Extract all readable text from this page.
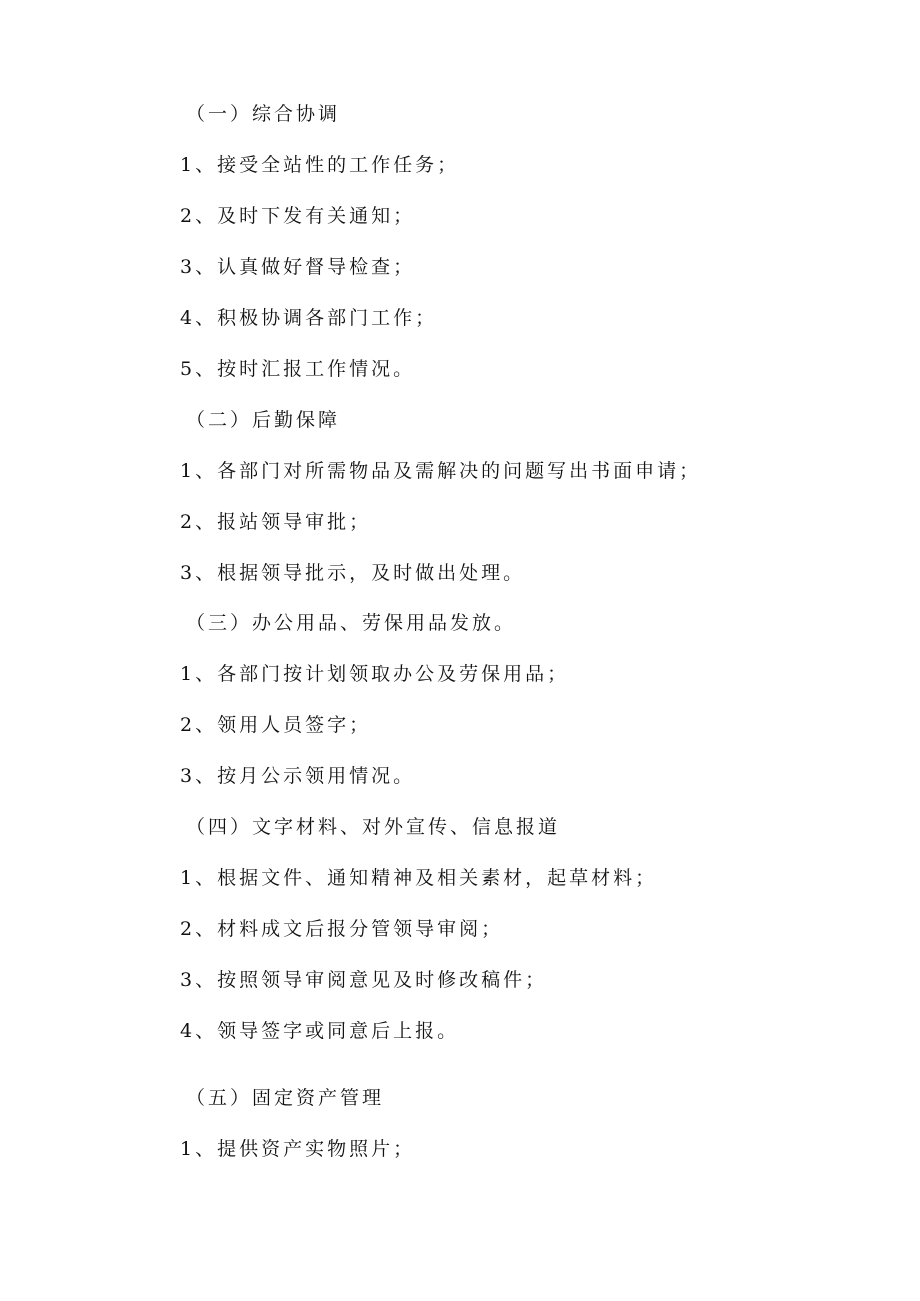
（一）综合协调
1、接受全站性的工作任务；
2、及时下发有关通知；
3、认真做好督导检查；
4、积极协调各部门工作；
5、按时汇报工作情况。
（二）后勤保障
1、各部门对所需物品及需解决的问题写出书面申请；
2、报站领导审批；
3、根据领导批示，及时做出处理。
（三）办公用品、劳保用品发放。
1、各部门按计划领取办公及劳保用品；
2、领用人员签字；
3、按月公示领用情况。
（四）文字材料、对外宣传、信息报道
1、根据文件、通知精神及相关素材，起草材料；
2、材料成文后报分管领导审阅；
3、按照领导审阅意见及时修改稿件；
4、领导签字或同意后上报。
（五）固定资产管理
1、提供资产实物照片；
